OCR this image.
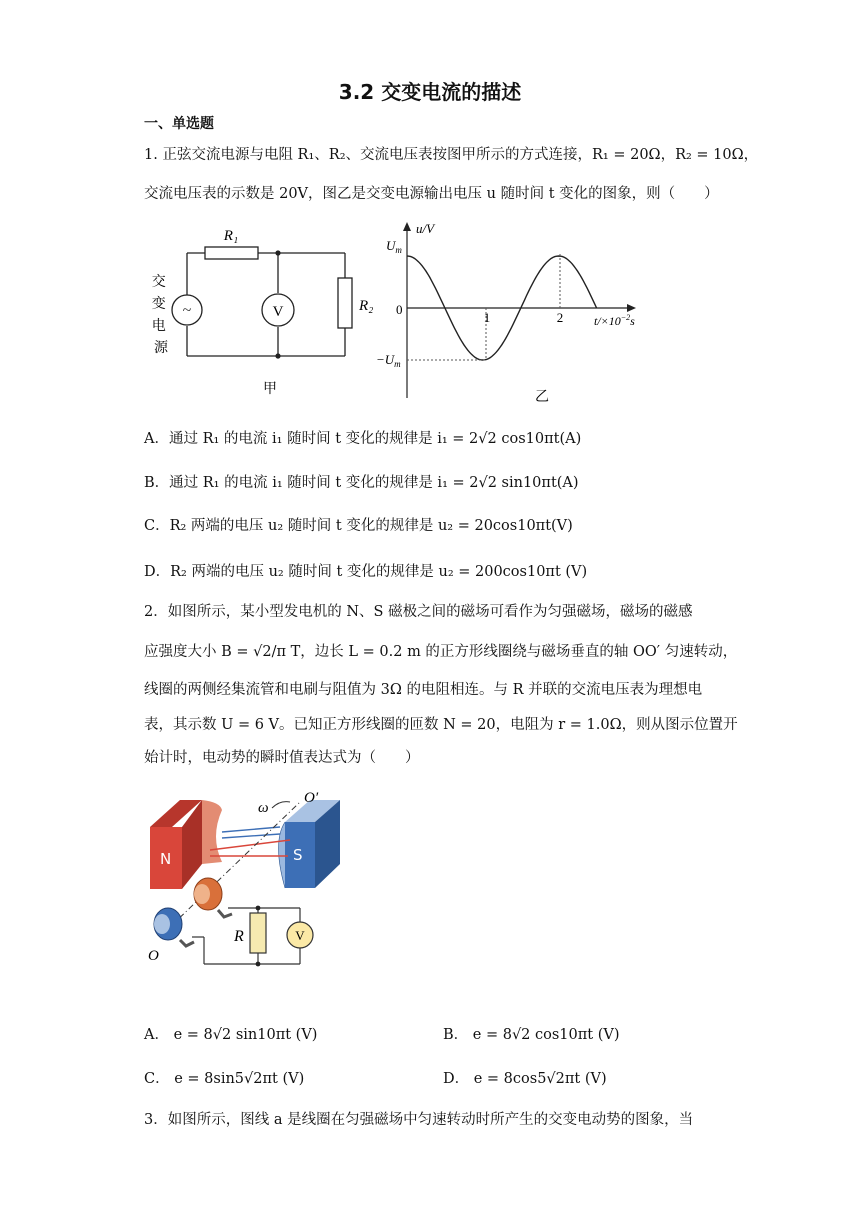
3.2 交变电流的描述
一、单选题
1. 正弦交流电源与电阻 R₁、R₂、交流电压表按图甲所示的方式连接，R₁ = 20Ω，R₂ = 10Ω，
交流电压表的示数是 20V，图乙是交变电源输出电压 u 随时间 t 变化的图象，则（　　）
~	V
R₁
R₂
交 变 电 源
甲
u/V
$U_m$
0
$-U_m$
1	2	$t/\times 10^{-2}s$
乙
A．通过 R₁ 的电流 i₁ 随时间 t 变化的规律是 i₁ = 2√2 cos10πt(A)
B．通过 R₁ 的电流 i₁ 随时间 t 变化的规律是 i₁ = 2√2 sin10πt(A)
C．R₂ 两端的电压 u₂ 随时间 t 变化的规律是 u₂ = 20cos10πt(V)
D．R₂ 两端的电压 u₂ 随时间 t 变化的规律是 u₂ = 200cos10πt (V)
2．如图所示，某小型发电机的 N、S 磁极之间的磁场可看作为匀强磁场，磁场的磁感
应强度大小 B = √2/π T，边长 L = 0.2 m 的正方形线圈绕与磁场垂直的轴 OO′ 匀速转动，
线圈的两侧经集流管和电刷与阻值为 3Ω 的电阻相连。与 R 并联的交流电压表为理想电
表，其示数 U = 6 V。已知正方形线圈的匝数 N = 20，电阻为 r = 1.0Ω，则从图示位置开
始计时，电动势的瞬时值表达式为（　　）
N	S
ω
O′
R	V
O
A． e = 8√2 sin10πt (V)	B． e = 8√2 cos10πt (V)
C． e = 8sin5√2πt (V)	D． e = 8cos5√2πt (V)
3．如图所示，图线 a 是线圈在匀强磁场中匀速转动时所产生的交变电动势的图象，当
